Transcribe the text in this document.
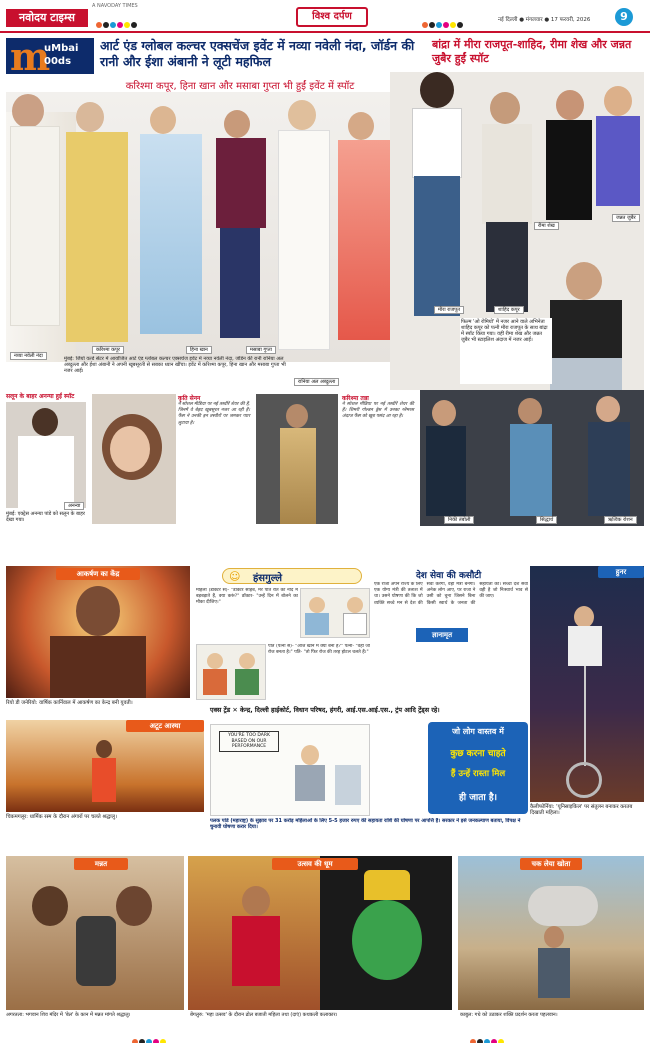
नवोदय टाइम्स
A NAVODAY TIMES
विश्व दर्पण	नई दिल्ली ● मंगलवार ● 17 फरवरी, 2026	9
m
uMbai 00ds
आर्ट एंड ग्लोबल कल्चर एक्सचेंज इवेंट में नव्या नवेली नंदा, जॉर्डन की रानी और ईशा अंबानी ने लूटी महफिल
करिश्मा कपूर, हिना खान और मसाबा गुप्ता भी हुईं इवेंट में स्पॉट
नव्या नवेली नंदा
करिश्मा कपूर	हिना खान	मसाबा गुप्ता
रानिया अल अब्दुल्ला
मुंबई: जियो वर्ल्ड सेंटर में आयोजित आर्ट एंड ग्लोबल कल्चर एक्सचेंज इवेंट में नव्या नवेली नंदा, जॉर्डन की रानी रानिया अल अब्दुल्ला और ईशा अंबानी ने अपनी खूबसूरती से सबका ध्यान खींचा। इवेंट में करिश्मा कपूर, हिना खान और मसाबा गुप्ता भी नजर आईं।
बांद्रा में मीरा राजपूत-शाहिद, रीमा शेख और जन्नत जुबैर हुईं स्पॉट
रीमा शेख
जन्नत जुबैर
मीरा राजपूत	शाहिद कपूर
फिल्म 'ओ रोमियो' में नजर आने वाले अभिनेता शाहिद कपूर को पत्नी मीरा राजपूत के साथ बांद्रा में स्पॉट किया गया। वहीं रीमा शेख और जन्नत जुबैर भी स्टाइलिश अंदाज में नजर आईं।
सलून के बाहर अनन्या हुईं स्पॉट
अनन्या
मुंबई: एक्ट्रेस अनन्या पांडे को सलून के बाहर देखा गया।
कृति सेनन
ने सोशल मीडिया पर नई तस्वीरें शेयर की हैं, जिनमें वे बेहद खूबसूरत नजर आ रही हैं। फैंस ने उनकी इन तस्वीरों पर जमकर प्यार लुटाया है।
करिश्मा तन्ना
ने सोशल मीडिया पर नई तस्वीरें शेयर की हैं। शिमरी गोल्डन ड्रेस में उनका ग्लैमरस अंदाज फैंस को खूब पसंद आ रहा है।
निकी तंबोली	सिद्धार्थ	ऋत्विक रोशन
आकर्षण का केंद्र
रियो डी जनेरियो: वार्षिक कार्निवाल में आकर्षण का केन्द्र बनी युवती।
☺ हंसगुल्ले
महिला (डॉक्टर से)- "डॉक्टर साहब, मेरे पति रात को नींद में बड़बड़ाते हैं, क्या करूं?" डॉक्टर- "उन्हें दिन में बोलने का मौका दीजिए।"
पति (पत्नी से)- "आज खाने में क्या बना है?" पत्नी- "वही जो रोज बनता है।" पति- "तो फिर रोज की तरह होटल चलते हैं।"
देश सेवा की कसौटी
ज्ञानामृत
एक राजा अपने राज्य के लिए एक योग्य मंत्री की तलाश में था। उसने घोषणा की कि जो व्यक्ति सच्चे मन से देश की सेवा करेगा, वही मंत्री बनेगा। अनेक लोग आए, पर राजा ने उसी को चुना जिसने बिना किसी स्वार्थ के जनता की सहायता की। सच्ची देश सेवा वही है जो निःस्वार्थ भाव से की जाए।
हुनर
कैलीफोर्निया: 'यूनिसाइकिल' पर संतुलन बनाकर करतब दिखाती महिला।
अटूट आस्था
चिकमगलूर: धार्मिक रस्म के दौरान अंगारों पर चलते श्रद्धालु।
एक्स ट्रेंड ✕ केन्द्र, दिल्ली हाईकोर्ट, विधान परिषद, हंगरी, आई.एस.आई.एस., ट्रंप आदि ट्रेंड्स रहे।
YOU'RE TOO DARK BASED ON OUR PERFORMANCE
जो लोग वास्तव में
कुछ करना चाहते
हैं उन्हें रास्ता मिल
ही जाता है।
पलक पांडे (महाराष्ट्र) के सुझाव पर 31 करोड़ महिलाओं के लिए 5-5 हजार रुपए की सहायता राशि की घोषणा पर आपत्ति है। सरकार ने इसे जनकल्याण बताया, विपक्ष ने चुनावी घोषणा करार दिया।
मन्नत
अगरतला: भगवान शिव मंदिर में 'बेल' के कान में मन्नत मांगते श्रद्धालु।
उत्सव की धूम
बेंगलुरु: 'महा उत्सव' के दौरान ढोल बजाती महिला तथा (दाएं) कथकली कलाकार।
चक लेया खोता
काबुल: गधे को उठाकर शक्ति प्रदर्शन करता पहलवान।
